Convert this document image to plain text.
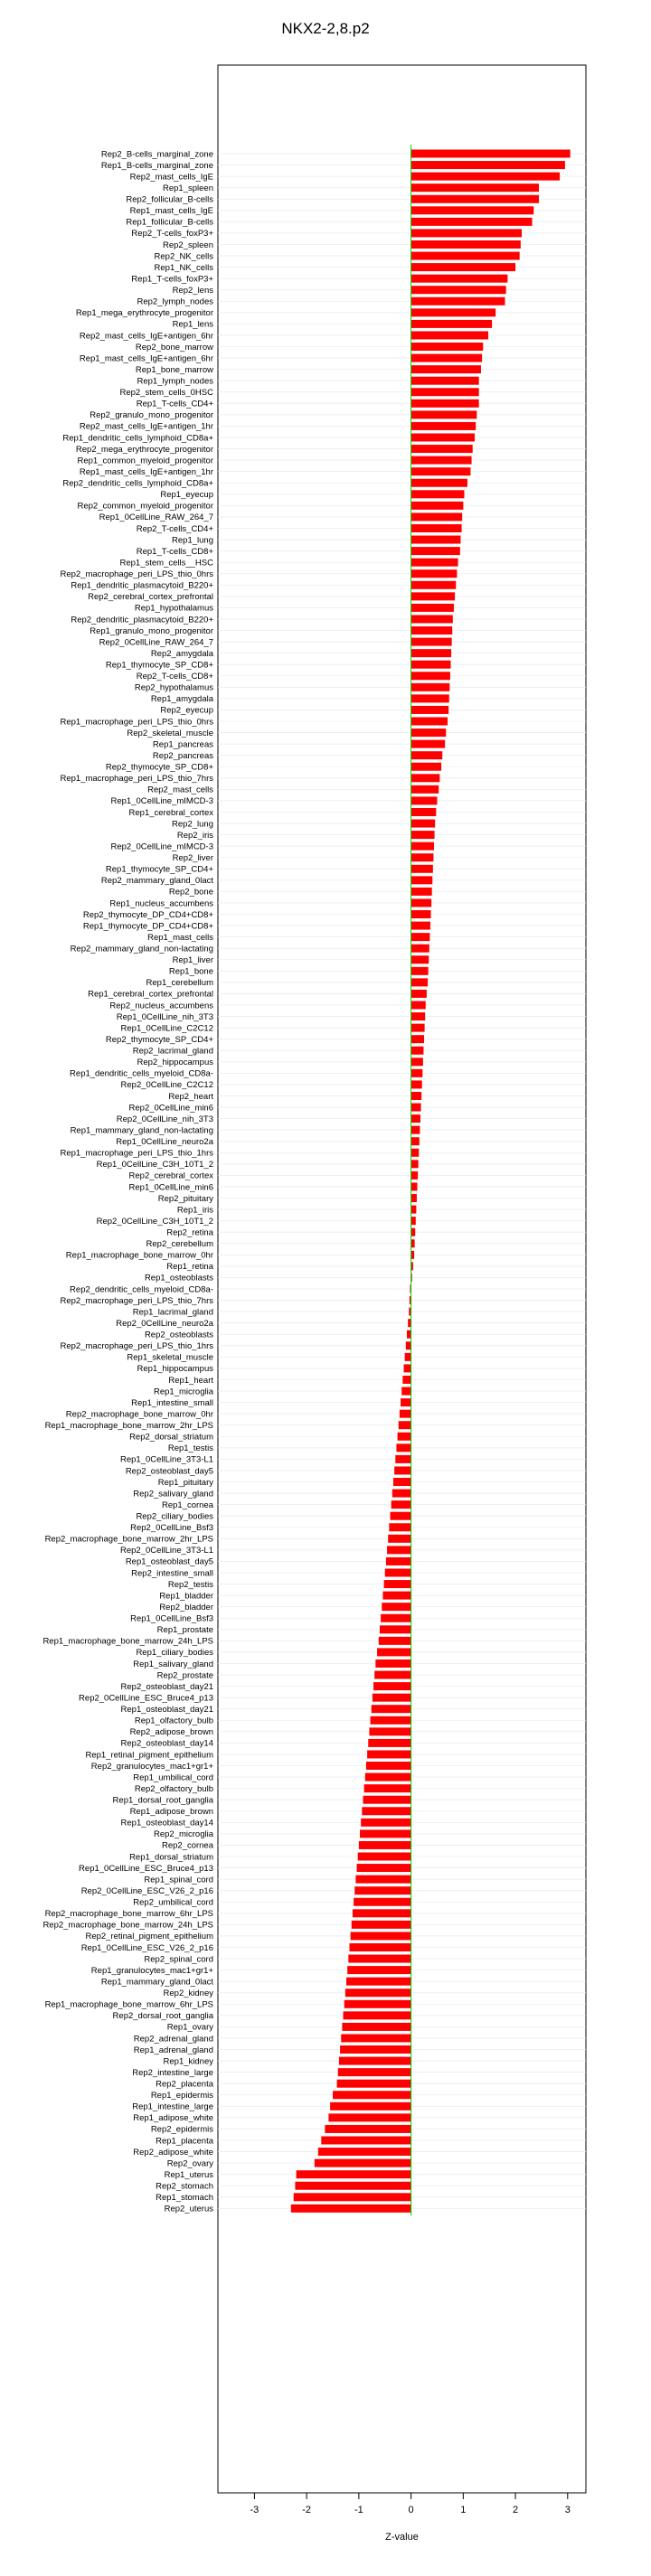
NKX2-2,8.p2
Rep2_B-cells_marginal_zone
Rep1_B-cells_marginal_zone
Rep2_mast_cells_IgE
Rep1_spleen
Rep2_follicular_B-cells
Rep1_mast_cells_IgE
Rep1_follicular_B-cells
Rep2_T-cells_foxP3+
Rep2_spleen
Rep2_NK_cells
Rep1_NK_cells
Rep1_T-cells_foxP3+
Rep2_lens
Rep2_lymph_nodes
Rep1_mega_erythrocyte_progenitor
Rep1_lens
Rep2_mast_cells_IgE+antigen_6hr
Rep2_bone_marrow
Rep1_mast_cells_IgE+antigen_6hr
Rep1_bone_marrow
Rep1_lymph_nodes
Rep2_stem_cells_0HSC
Rep1_T-cells_CD4+
Rep2_granulo_mono_progenitor
Rep2_mast_cells_IgE+antigen_1hr
Rep1_dendritic_cells_lymphoid_CD8a+
Rep2_mega_erythrocyte_progenitor
Rep1_common_myeloid_progenitor
Rep1_mast_cells_IgE+antigen_1hr
Rep2_dendritic_cells_lymphoid_CD8a+
Rep1_eyecup
Rep2_common_myeloid_progenitor
Rep1_0CellLine_RAW_264_7
Rep2_T-cells_CD4+
Rep1_lung
Rep1_T-cells_CD8+
Rep1_stem_cells__HSC
Rep2_macrophage_peri_LPS_thio_0hrs
Rep1_dendritic_plasmacytoid_B220+
Rep2_cerebral_cortex_prefrontal
Rep1_hypothalamus
Rep2_dendritic_plasmacytoid_B220+
Rep1_granulo_mono_progenitor
Rep2_0CellLine_RAW_264_7
Rep2_amygdala
Rep1_thymocyte_SP_CD8+
Rep2_T-cells_CD8+
Rep2_hypothalamus
Rep1_amygdala
Rep2_eyecup
Rep1_macrophage_peri_LPS_thio_0hrs
Rep2_skeletal_muscle
Rep1_pancreas
Rep2_pancreas
Rep2_thymocyte_SP_CD8+
Rep1_macrophage_peri_LPS_thio_7hrs
Rep2_mast_cells
Rep1_0CellLine_mIMCD-3
Rep1_cerebral_cortex
Rep2_lung
Rep2_iris
Rep2_0CellLine_mIMCD-3
Rep2_liver
Rep1_thymocyte_SP_CD4+
Rep2_mammary_gland_0lact
Rep2_bone
Rep1_nucleus_accumbens
Rep2_thymocyte_DP_CD4+CD8+
Rep1_thymocyte_DP_CD4+CD8+
Rep1_mast_cells
Rep2_mammary_gland_non-lactating
Rep1_liver
Rep1_bone
Rep1_cerebellum
Rep1_cerebral_cortex_prefrontal
Rep2_nucleus_accumbens
Rep1_0CellLine_nih_3T3
Rep1_0CellLine_C2C12
Rep2_thymocyte_SP_CD4+
Rep2_lacrimal_gland
Rep2_hippocampus
Rep1_dendritic_cells_myeloid_CD8a-
Rep2_0CellLine_C2C12
Rep2_heart
Rep2_0CellLine_min6
Rep2_0CellLine_nih_3T3
Rep1_mammary_gland_non-lactating
Rep1_0CellLine_neuro2a
Rep1_macrophage_peri_LPS_thio_1hrs
Rep1_0CellLine_C3H_10T1_2
Rep2_cerebral_cortex
Rep1_0CellLine_min6
Rep2_pituitary
Rep1_iris
Rep2_0CellLine_C3H_10T1_2
Rep2_retina
Rep2_cerebellum
Rep1_macrophage_bone_marrow_0hr
Rep1_retina
Rep1_osteoblasts
Rep2_dendritic_cells_myeloid_CD8a-
Rep2_macrophage_peri_LPS_thio_7hrs
Rep1_lacrimal_gland
Rep2_0CellLine_neuro2a
Rep2_osteoblasts
Rep2_macrophage_peri_LPS_thio_1hrs
Rep1_skeletal_muscle
Rep1_hippocampus
Rep1_heart
Rep1_microglia
Rep1_intestine_small
Rep2_macrophage_bone_marrow_0hr
Rep1_macrophage_bone_marrow_2hr_LPS
Rep2_dorsal_striatum
Rep1_testis
Rep1_0CellLine_3T3-L1
Rep2_osteoblast_day5
Rep1_pituitary
Rep2_salivary_gland
Rep1_cornea
Rep2_ciliary_bodies
Rep2_0CellLine_Bsf3
Rep2_macrophage_bone_marrow_2hr_LPS
Rep2_0CellLine_3T3-L1
Rep1_osteoblast_day5
Rep2_intestine_small
Rep2_testis
Rep1_bladder
Rep2_bladder
Rep1_0CellLine_Bsf3
Rep1_prostate
Rep1_macrophage_bone_marrow_24h_LPS
Rep1_ciliary_bodies
Rep1_salivary_gland
Rep2_prostate
Rep2_osteoblast_day21
Rep2_0CellLine_ESC_Bruce4_p13
Rep1_osteoblast_day21
Rep1_olfactory_bulb
Rep2_adipose_brown
Rep2_osteoblast_day14
Rep1_retinal_pigment_epithelium
Rep2_granulocytes_mac1+gr1+
Rep1_umbilical_cord
Rep2_olfactory_bulb
Rep1_dorsal_root_ganglia
Rep1_adipose_brown
Rep1_osteoblast_day14
Rep2_microglia
Rep2_cornea
Rep1_dorsal_striatum
Rep1_0CellLine_ESC_Bruce4_p13
Rep1_spinal_cord
Rep2_0CellLine_ESC_V26_2_p16
Rep2_umbilical_cord
Rep2_macrophage_bone_marrow_6hr_LPS
Rep2_macrophage_bone_marrow_24h_LPS
Rep2_retinal_pigment_epithelium
Rep1_0CellLine_ESC_V26_2_p16
Rep2_spinal_cord
Rep1_granulocytes_mac1+gr1+
Rep1_mammary_gland_0lact
Rep2_kidney
Rep1_macrophage_bone_marrow_6hr_LPS
Rep2_dorsal_root_ganglia
Rep1_ovary
Rep2_adrenal_gland
Rep1_adrenal_gland
Rep1_kidney
Rep2_intestine_large
Rep2_placenta
Rep1_epidermis
Rep1_intestine_large
Rep1_adipose_white
Rep2_epidermis
Rep1_placenta
Rep2_adipose_white
Rep2_ovary
Rep1_uterus
Rep2_stomach
Rep1_stomach
Rep2_uterus
-3	-2	-1	0	1	2	3
Z-value
